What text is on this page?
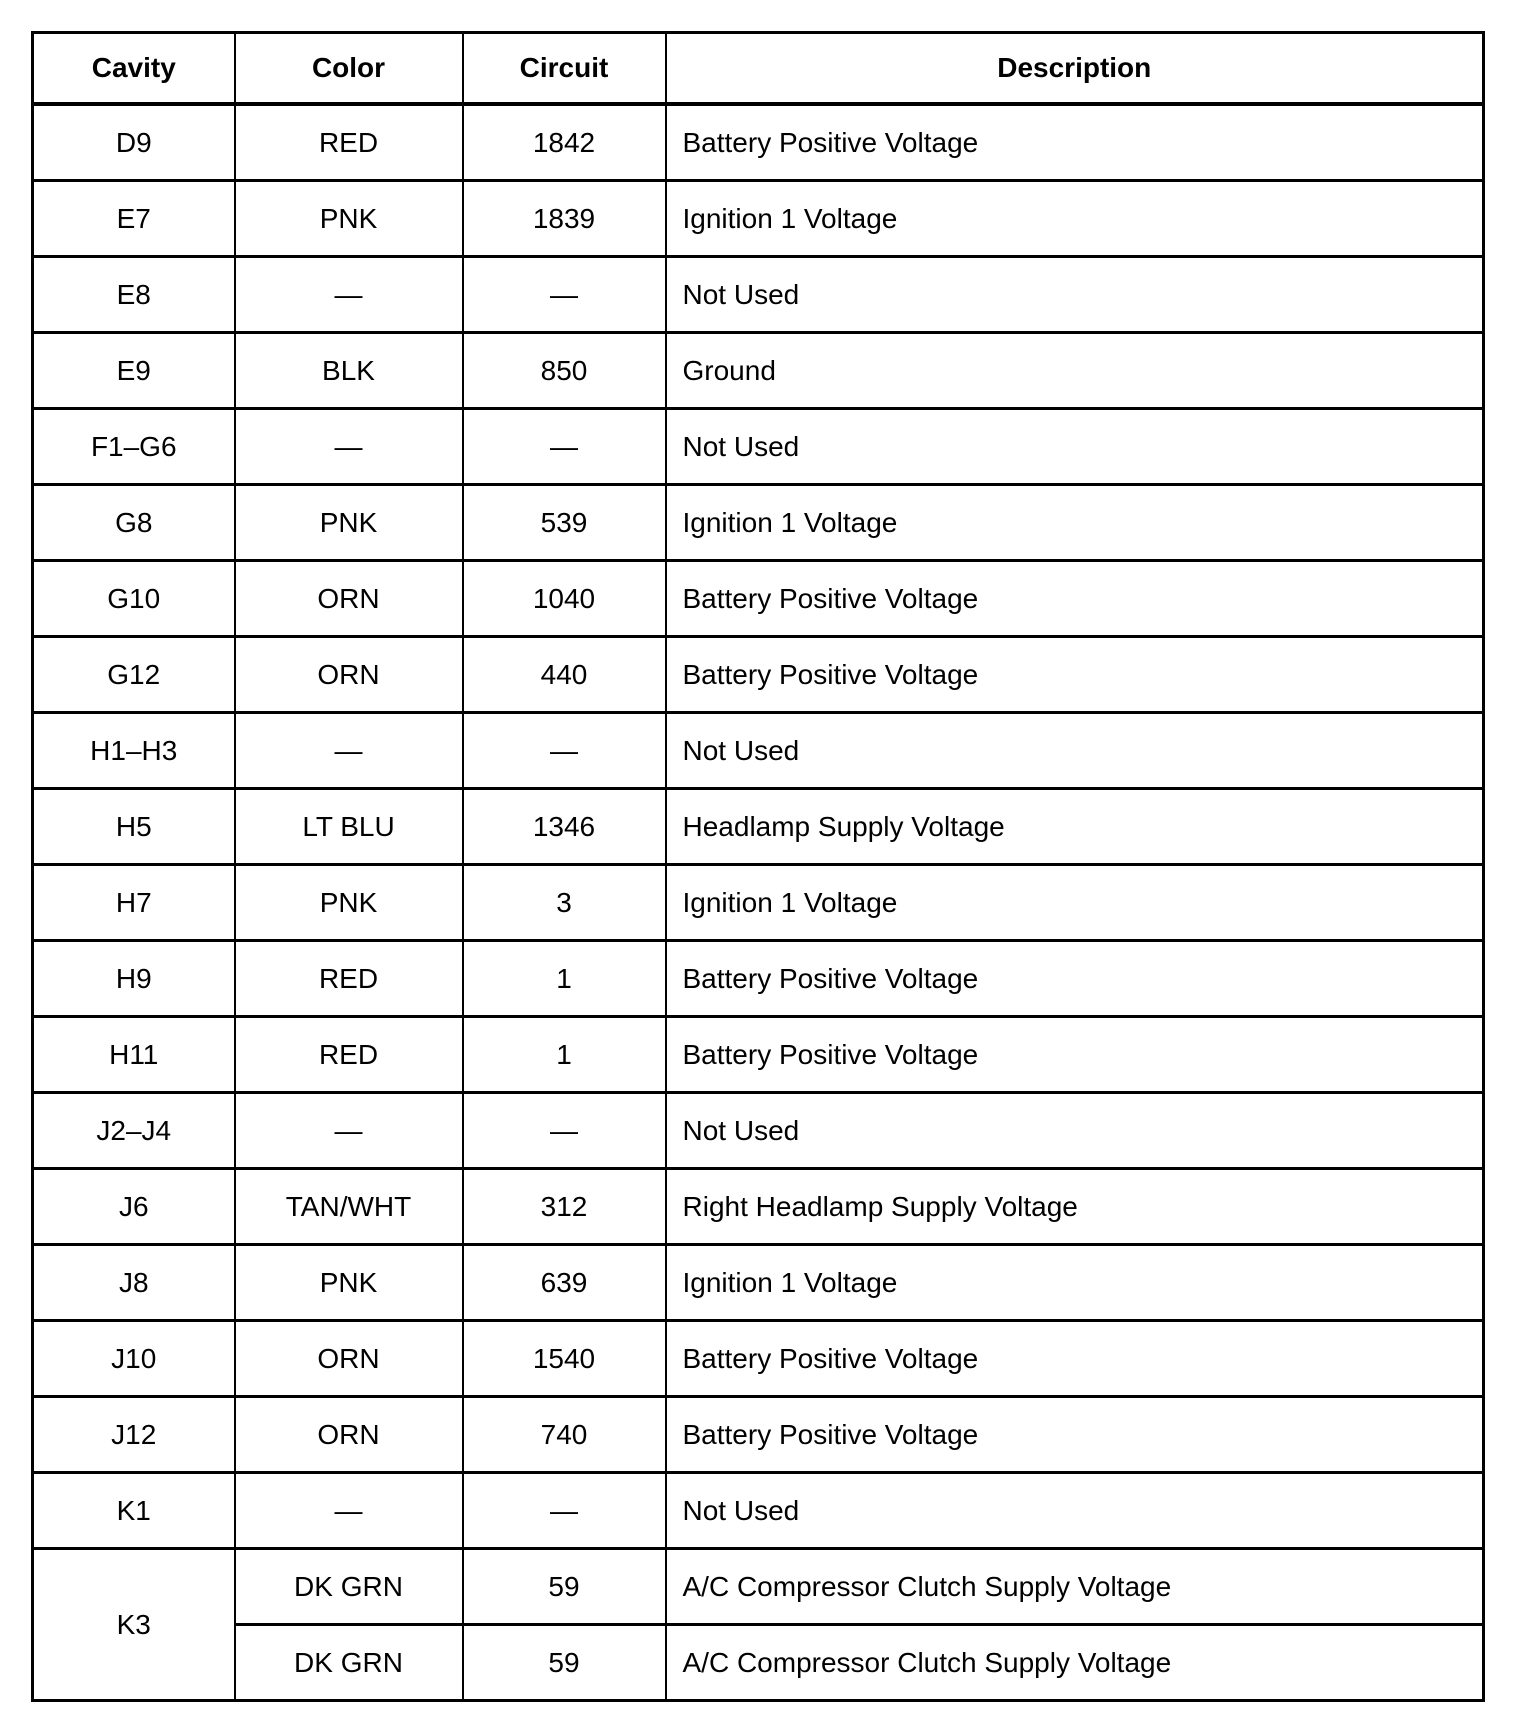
Cavity	Color	Circuit	Description
D9	RED	1842	Battery Positive Voltage
E7	PNK	1839	Ignition 1 Voltage
E8	—	—	Not Used
E9	BLK	850	Ground
F1–G6	—	—	Not Used
G8	PNK	539	Ignition 1 Voltage
G10	ORN	1040	Battery Positive Voltage
G12	ORN	440	Battery Positive Voltage
H1–H3	—	—	Not Used
H5	LT BLU	1346	Headlamp Supply Voltage
H7	PNK	3	Ignition 1 Voltage
H9	RED	1	Battery Positive Voltage
H11	RED	1	Battery Positive Voltage
J2–J4	—	—	Not Used
J6	TAN/WHT	312	Right Headlamp Supply Voltage
J8	PNK	639	Ignition 1 Voltage
J10	ORN	1540	Battery Positive Voltage
J12	ORN	740	Battery Positive Voltage
K1	—	—	Not Used
K3	DK GRN	59	A/C Compressor Clutch Supply Voltage
	DK GRN	59	A/C Compressor Clutch Supply Voltage
